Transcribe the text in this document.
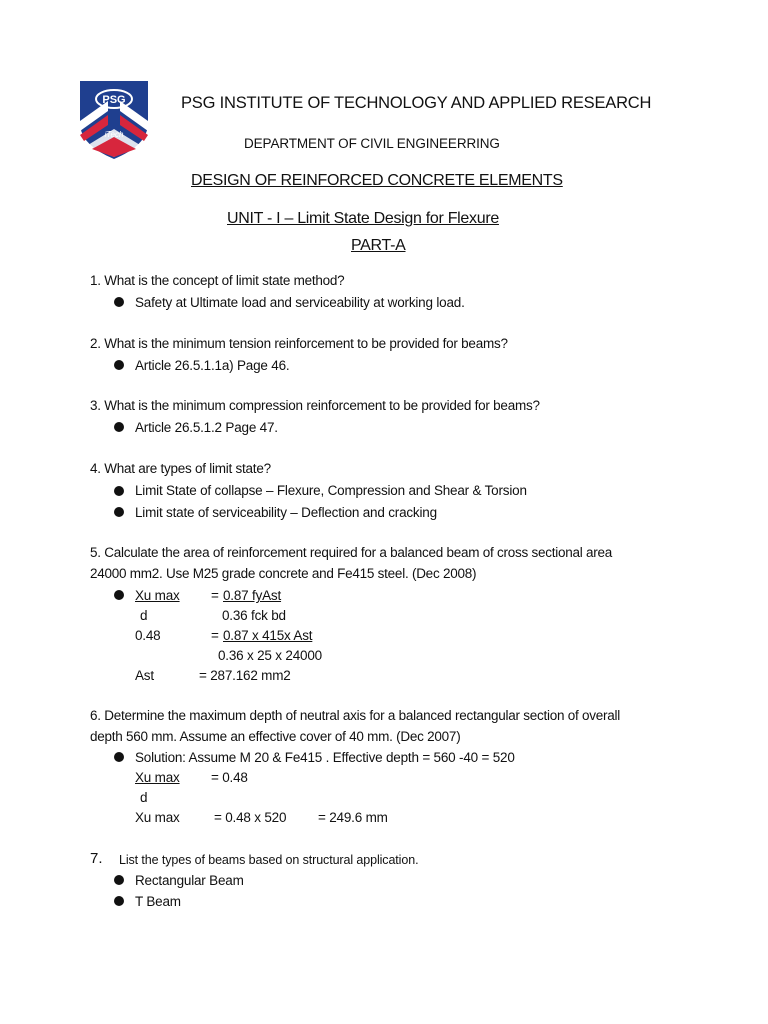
PSG
iTech
PSG INSTITUTE OF TECHNOLOGY AND APPLIED RESEARCH
DEPARTMENT OF CIVIL ENGINEERRING
DESIGN OF REINFORCED CONCRETE ELEMENTS
UNIT - I – Limit State Design for Flexure
PART-A
1. What is the concept of limit state method?
Safety at Ultimate load and serviceability at working load.
2. What is the minimum tension reinforcement to be provided for beams?
Article 26.5.1.1a) Page 46.
3. What is the minimum compression reinforcement to be provided for beams?
Article 26.5.1.2 Page 47.
4. What are types of limit state?
Limit State of collapse – Flexure, Compression and Shear & Torsion
Limit state of serviceability – Deflection and cracking
5. Calculate the area of reinforcement required for a balanced beam of cross sectional area
24000 mm2. Use M25 grade concrete and Fe415 steel. (Dec 2008)
Xu max = 0.87 fyAst
d	0.36 fck bd
0.48	= 0.87 x 415x Ast
0.36 x 25 x 24000
Ast	= 287.162 mm2
6. Determine the maximum depth of neutral axis for a balanced rectangular section of overall
depth 560 mm. Assume an effective cover of 40 mm. (Dec 2007)
Solution: Assume M 20 & Fe415 . Effective depth = 560 -40 = 520
Xu max = 0.48
d
Xu max	= 0.48 x 520 = 249.6 mm
7. List the types of beams based on structural application.
Rectangular Beam
T Beam
